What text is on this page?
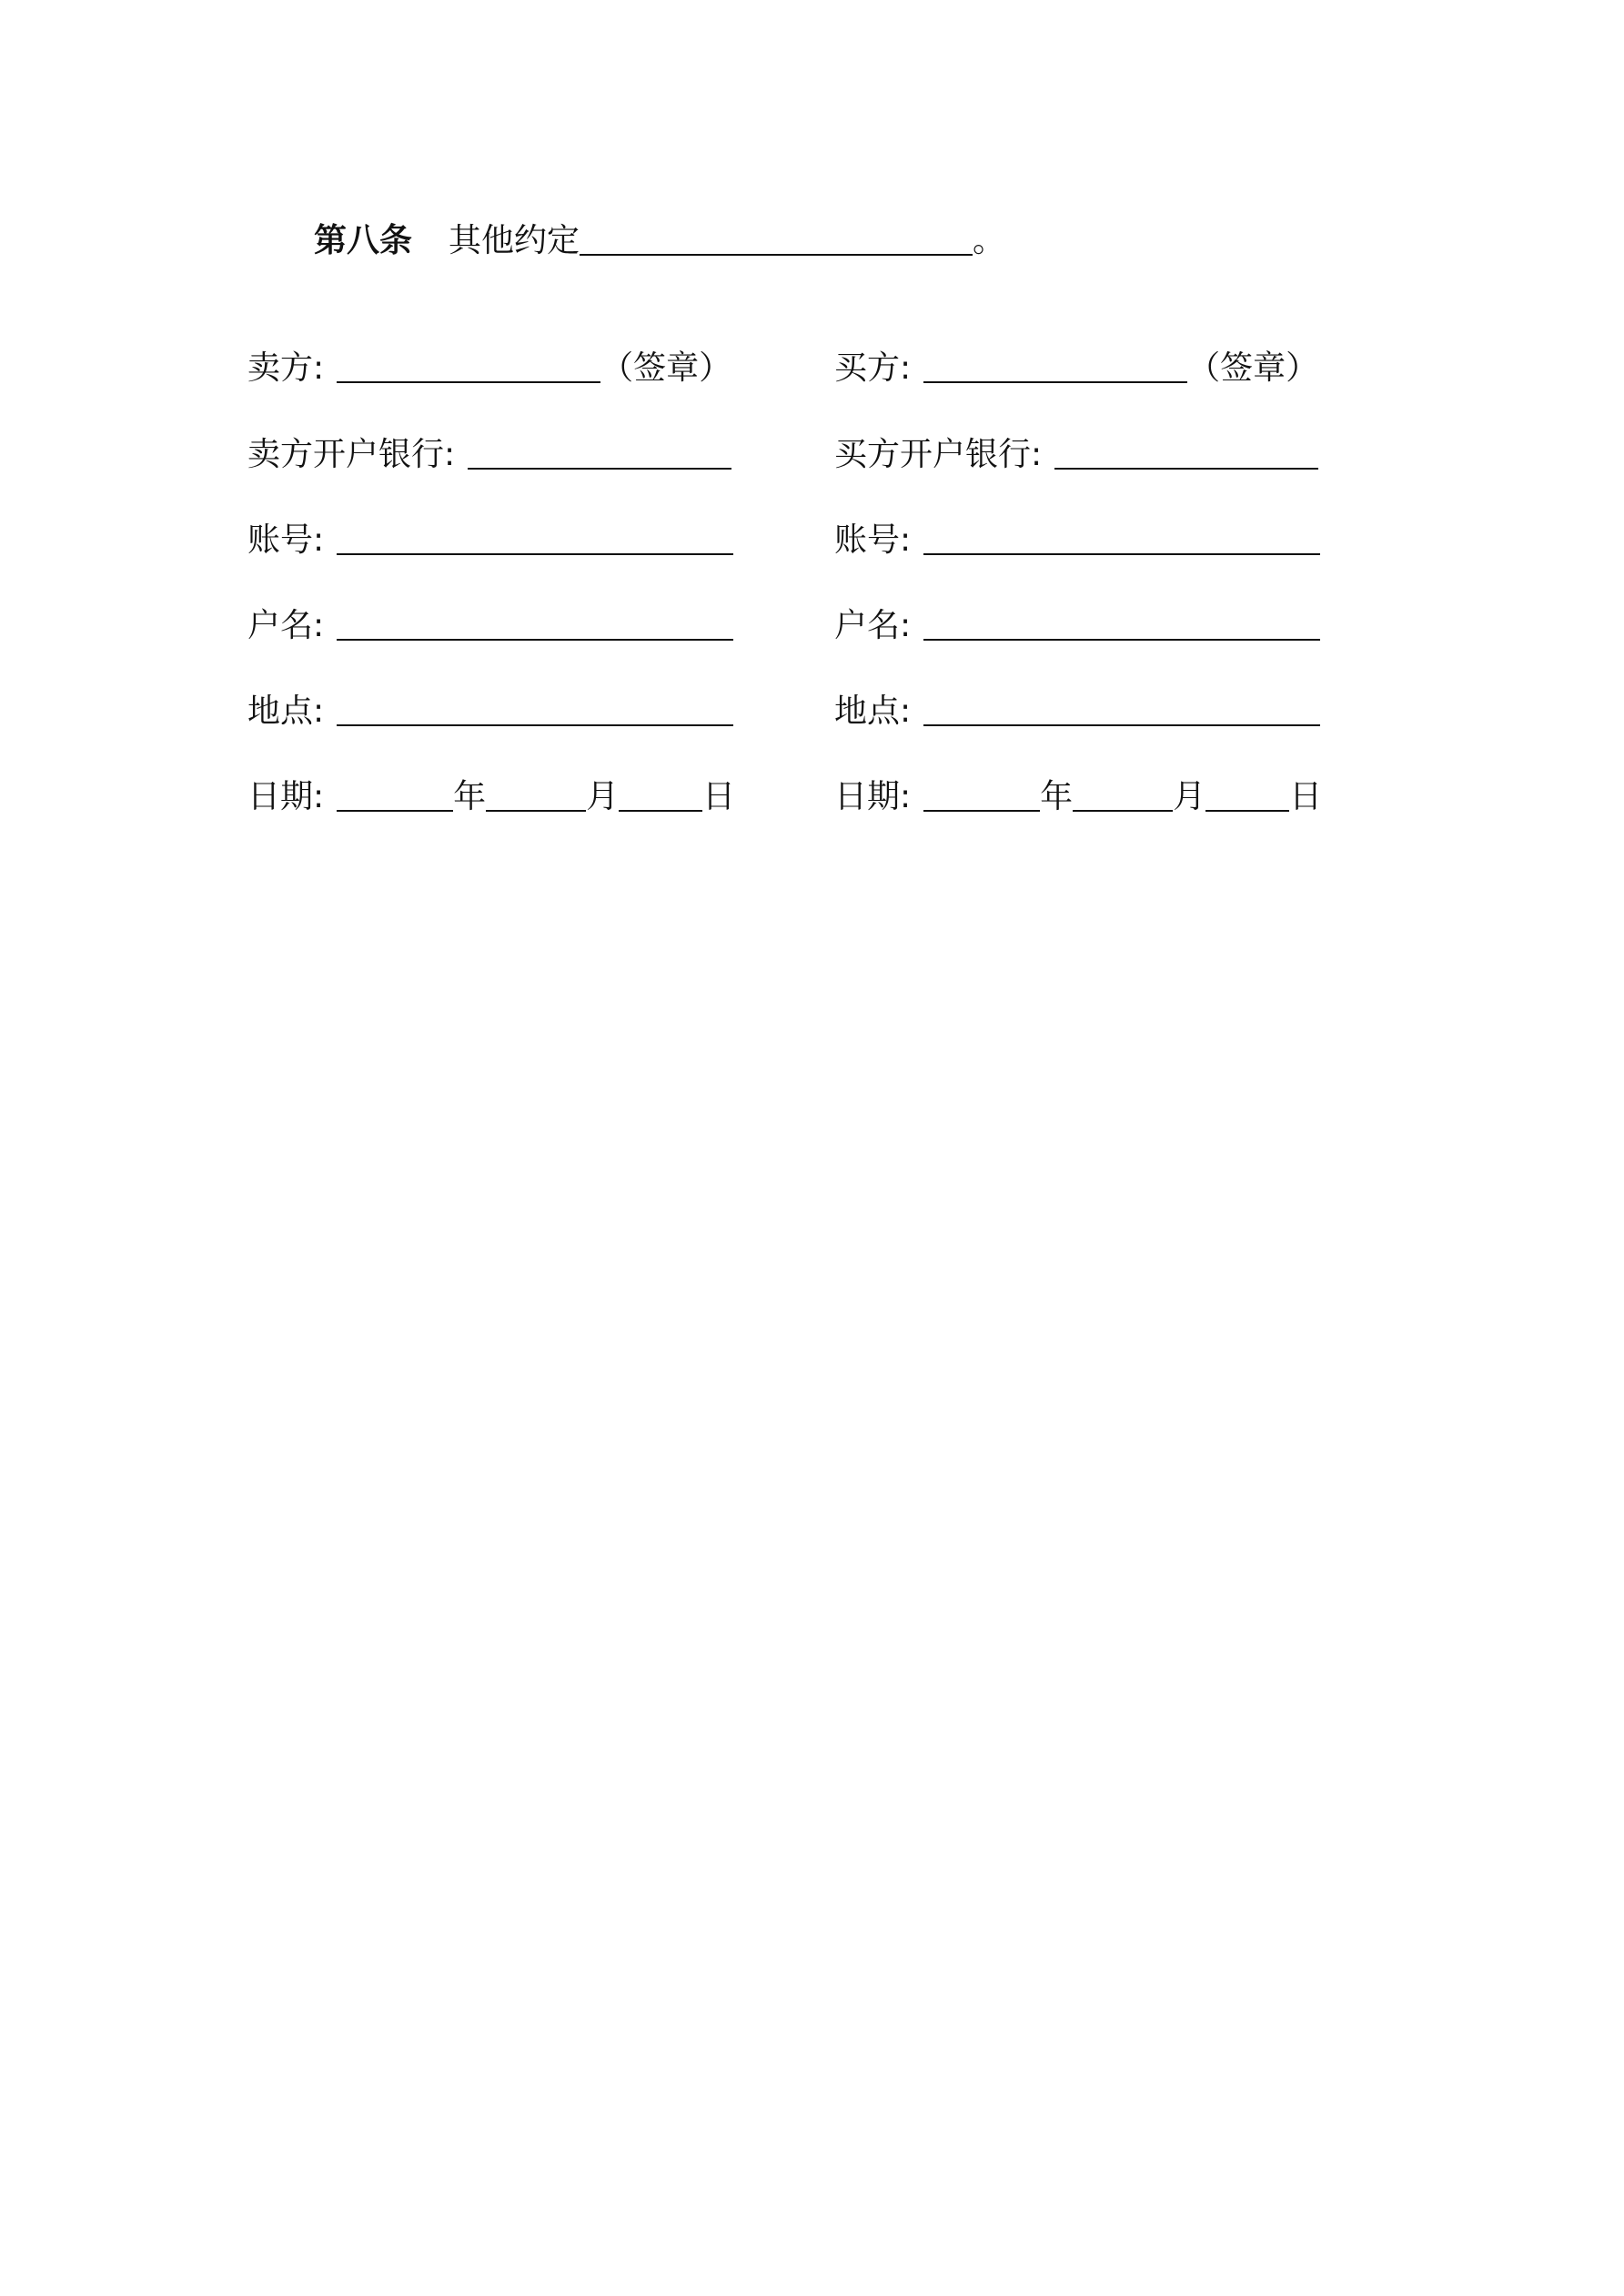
第八条 其他约定	。
卖方:	（签章）
卖方开户银行:
账号:
户名:
地点:
日期:	年	月	日
买方:	（签章）
买方开户银行:
账号:
户名:
地点:
日期:	年	月	日
